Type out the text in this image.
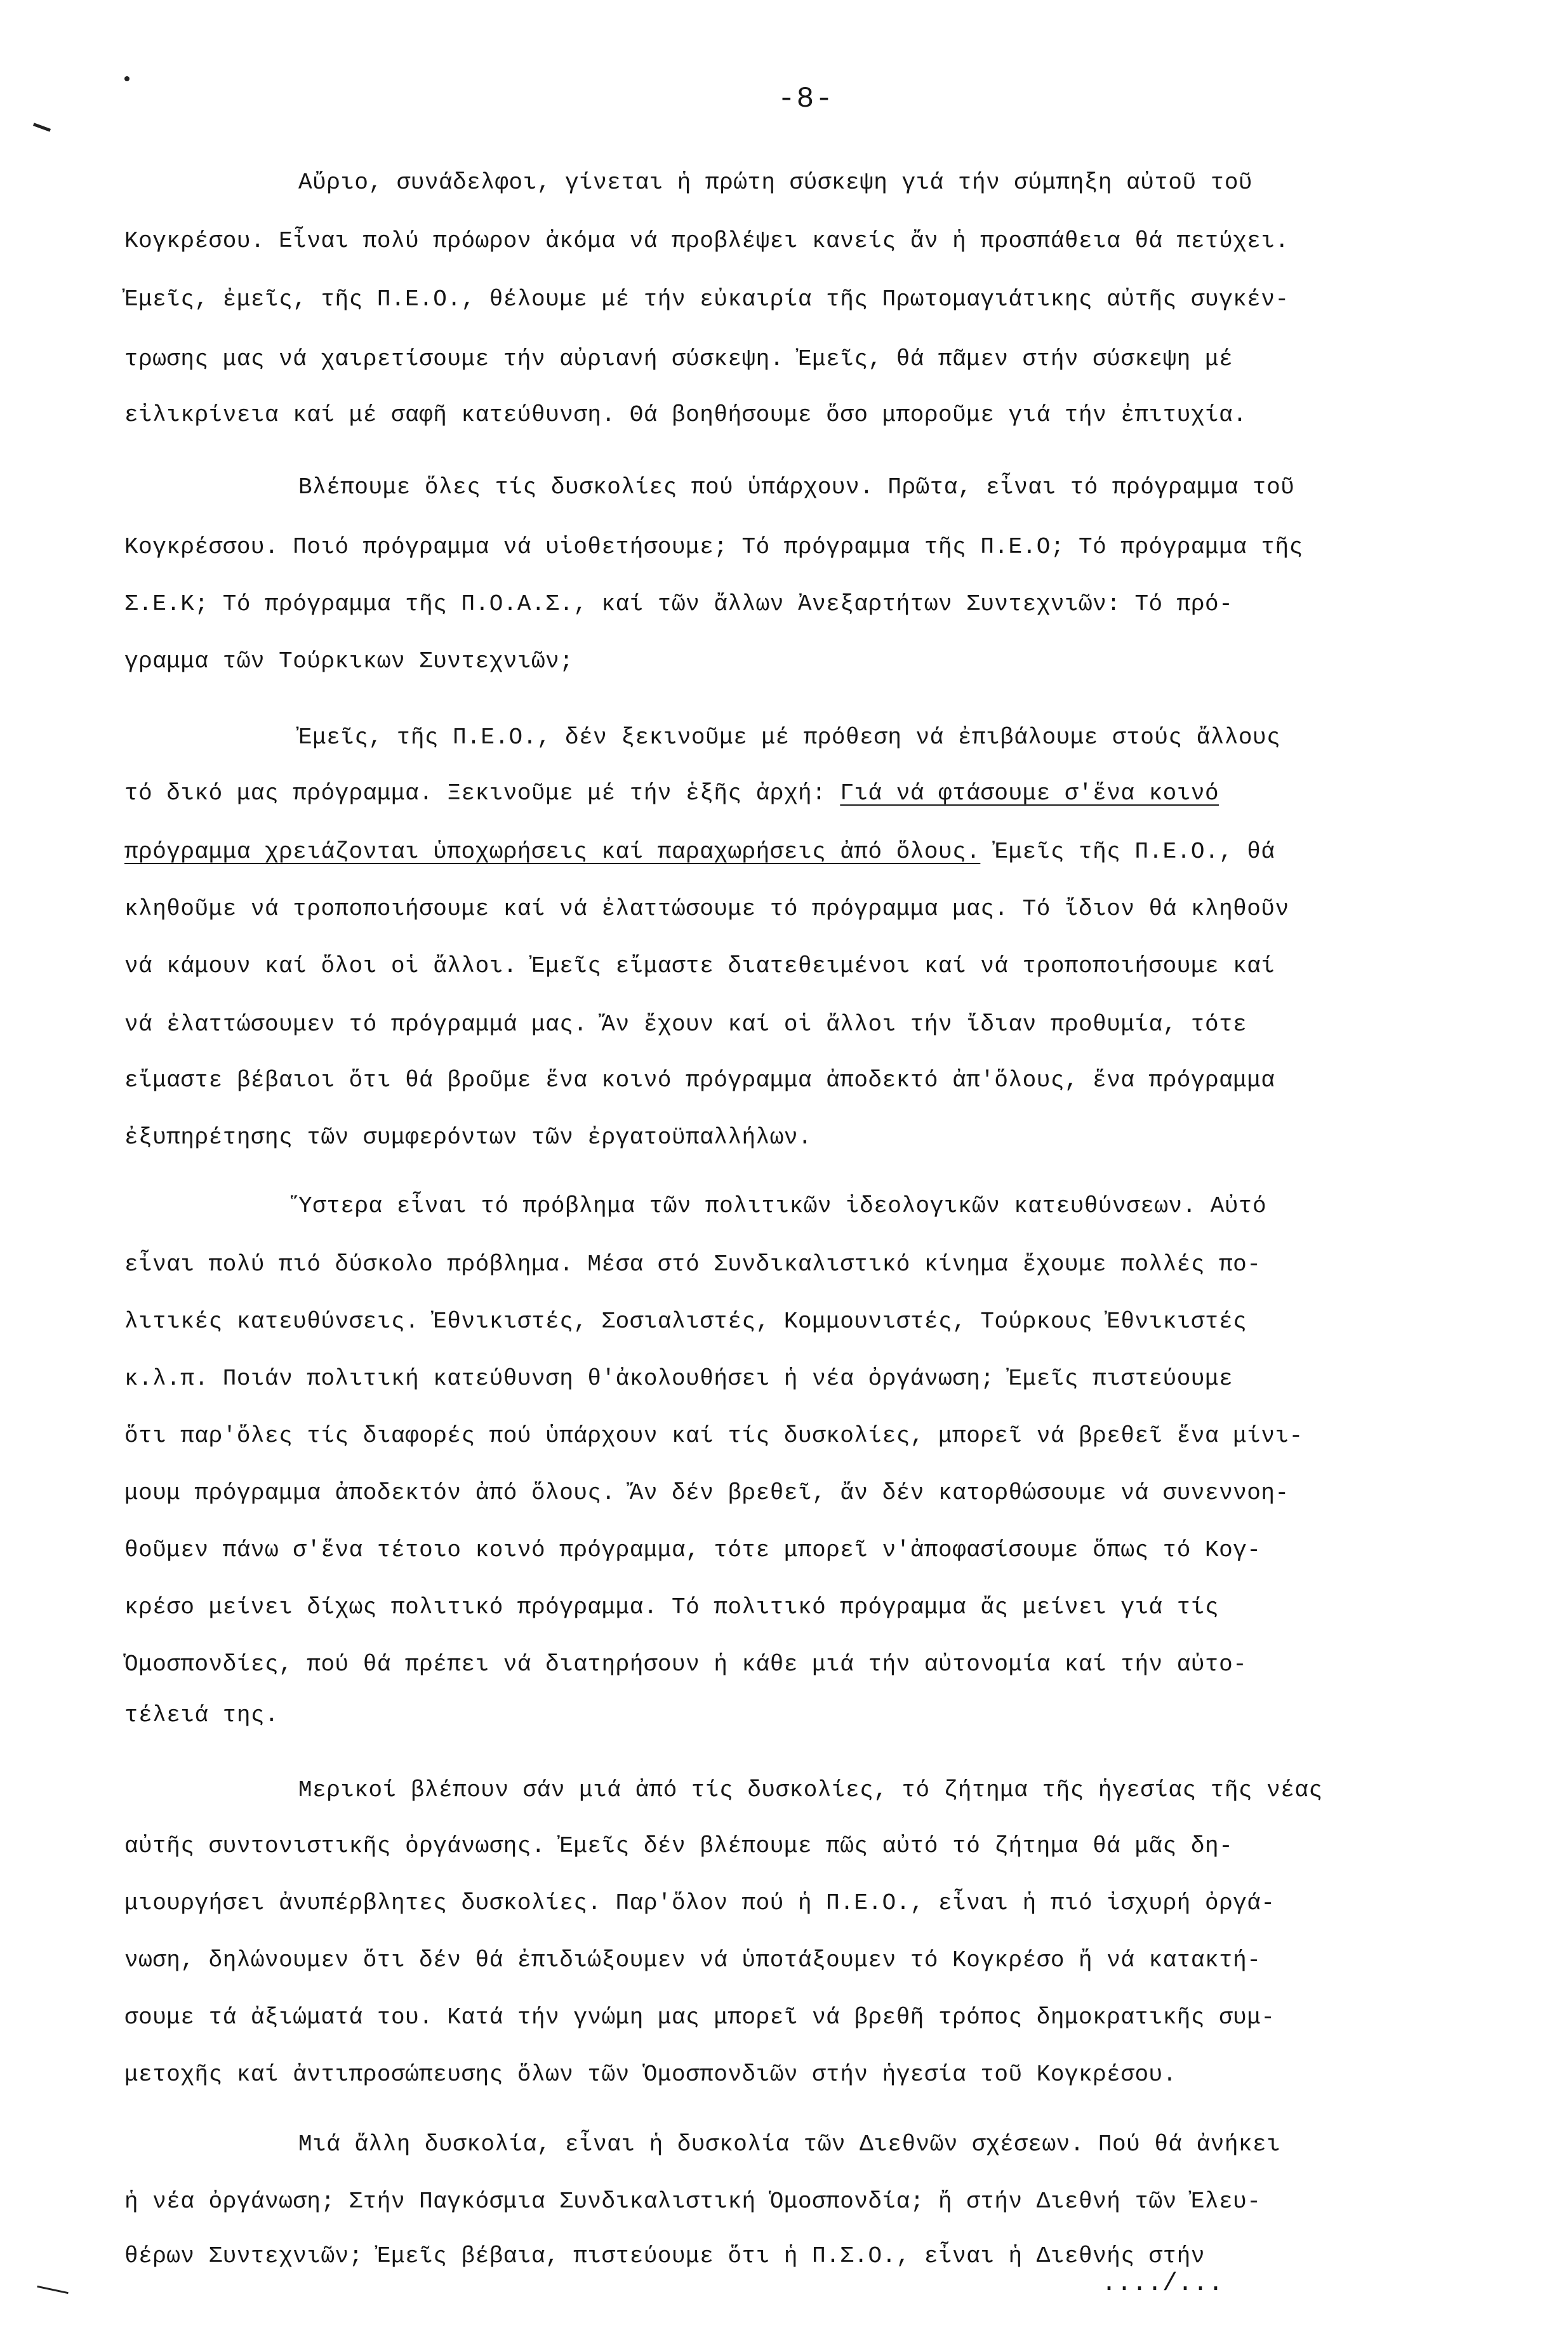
-8-
Αὔριο, συνάδελφοι, γίνεται ἡ πρώτη σύσκεψη γιά τήν σύμπηξη αὐτοῦ τοῦ
Κογκρέσου. Εἶναι πολύ πρόωρον ἀκόμα νά προβλέψει κανείς ἄν ἡ προσπάθεια θά πετύχει.
Ἐμεῖς, ἐμεῖς, τῆς Π.Ε.Ο., θέλουμε μέ τήν εὐκαιρία τῆς Πρωτομαγιάτικης αὐτῆς συγκέν-
τρωσης μας νά χαιρετίσουμε τήν αὐριανή σύσκεψη. Ἐμεῖς, θά πᾶμεν στήν σύσκεψη μέ
εἰλικρίνεια καί μέ σαφῆ κατεύθυνση. Θά βοηθήσουμε ὅσο μποροῦμε γιά τήν ἐπιτυχία.
Βλέπουμε ὅλες τίς δυσκολίες πού ὑπάρχουν. Πρῶτα, εἶναι τό πρόγραμμα τοῦ
Κογκρέσσου. Ποιό πρόγραμμα νά υἱοθετήσουμε; Τό πρόγραμμα τῆς Π.Ε.Ο; Τό πρόγραμμα τῆς
Σ.Ε.Κ; Τό πρόγραμμα τῆς Π.Ο.Α.Σ., καί τῶν ἄλλων Ἀνεξαρτήτων Συντεχνιῶν: Τό πρό-
γραμμα τῶν Τούρκικων Συντεχνιῶν;
Ἐμεῖς, τῆς Π.Ε.Ο., δέν ξεκινοῦμε μέ πρόθεση νά ἐπιβάλουμε στούς ἄλλους
τό δικό μας πρόγραμμα. Ξεκινοῦμε μέ τήν ἑξῆς ἀρχή: Γιά νά φτάσουμε σ'ἕνα κοινό
πρόγραμμα χρειάζονται ὑποχωρήσεις καί παραχωρήσεις ἀπό ὅλους. Ἐμεῖς τῆς Π.Ε.Ο., θά
κληθοῦμε νά τροποποιήσουμε καί νά ἐλαττώσουμε τό πρόγραμμα μας. Τό ἴδιον θά κληθοῦν
νά κάμουν καί ὅλοι οἱ ἄλλοι. Ἐμεῖς εἴμαστε διατεθειμένοι καί νά τροποποιήσουμε καί
νά ἐλαττώσουμεν τό πρόγραμμά μας. Ἄν ἔχουν καί οἱ ἄλλοι τήν ἴδιαν προθυμία, τότε
εἴμαστε βέβαιοι ὅτι θά βροῦμε ἕνα κοινό πρόγραμμα ἀποδεκτό ἀπ'ὅλους, ἕνα πρόγραμμα
ἐξυπηρέτησης τῶν συμφερόντων τῶν ἐργατοϋπαλλήλων.
Ὕστερα εἶναι τό πρόβλημα τῶν πολιτικῶν ἰδεολογικῶν κατευθύνσεων. Αὐτό
εἶναι πολύ πιό δύσκολο πρόβλημα. Μέσα στό Συνδικαλιστικό κίνημα ἔχουμε πολλές πο-
λιτικές κατευθύνσεις. Ἐθνικιστές, Σοσιαλιστές, Κομμουνιστές, Τούρκους Ἐθνικιστές
κ.λ.π. Ποιάν πολιτική κατεύθυνση θ'ἀκολουθήσει ἡ νέα ὀργάνωση; Ἐμεῖς πιστεύουμε
ὅτι παρ'ὅλες τίς διαφορές πού ὑπάρχουν καί τίς δυσκολίες, μπορεῖ νά βρεθεῖ ἕνα μίνι-
μουμ πρόγραμμα ἀποδεκτόν ἀπό ὅλους. Ἄν δέν βρεθεῖ, ἄν δέν κατορθώσουμε νά συνεννοη-
θοῦμεν πάνω σ'ἕνα τέτοιο κοινό πρόγραμμα, τότε μπορεῖ ν'ἀποφασίσουμε ὅπως τό Κογ-
κρέσο μείνει δίχως πολιτικό πρόγραμμα. Τό πολιτικό πρόγραμμα ἄς μείνει γιά τίς
Ὁμοσπονδίες, πού θά πρέπει νά διατηρήσουν ἡ κάθε μιά τήν αὐτονομία καί τήν αὐτο-
τέλειά της.
Μερικοί βλέπουν σάν μιά ἀπό τίς δυσκολίες, τό ζήτημα τῆς ἡγεσίας τῆς νέας
αὐτῆς συντονιστικῆς ὀργάνωσης. Ἐμεῖς δέν βλέπουμε πῶς αὐτό τό ζήτημα θά μᾶς δη-
μιουργήσει ἀνυπέρβλητες δυσκολίες. Παρ'ὅλον πού ἡ Π.Ε.Ο., εἶναι ἡ πιό ἰσχυρή ὀργά-
νωση, δηλώνουμεν ὅτι δέν θά ἐπιδιώξουμεν νά ὑποτάξουμεν τό Κογκρέσο ἤ νά κατακτή-
σουμε τά ἀξιώματά του. Κατά τήν γνώμη μας μπορεῖ νά βρεθῆ τρόπος δημοκρατικῆς συμ-
μετοχῆς καί ἀντιπροσώπευσης ὅλων τῶν Ὁμοσπονδιῶν στήν ἡγεσία τοῦ Κογκρέσου.
Μιά ἄλλη δυσκολία, εἶναι ἡ δυσκολία τῶν Διεθνῶν σχέσεων. Πού θά ἀνήκει
ἡ νέα ὀργάνωση; Στήν Παγκόσμια Συνδικαλιστική Ὁμοσπονδία; ἤ στήν Διεθνή τῶν Ἐλευ-
θέρων Συντεχνιῶν; Ἐμεῖς βέβαια, πιστεύουμε ὅτι ἡ Π.Σ.Ο., εἶναι ἡ Διεθνής στήν
..../...
